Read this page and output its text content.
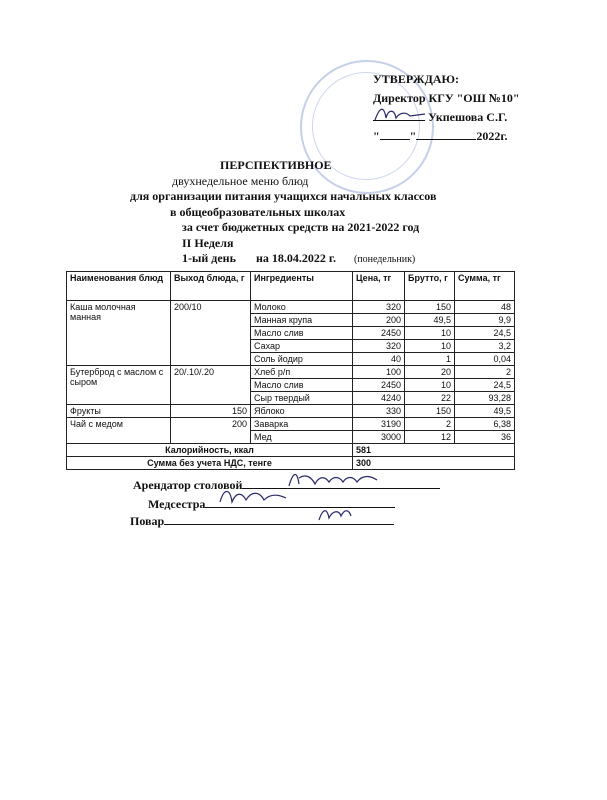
УТВЕРЖДАЮ:
Директор КГУ "ОШ №10"
Укпешова С.Г.
"	"	2022г.
ПЕРСПЕКТИВНОЕ
двухнедельное меню блюд
для организации питания учащихся начальных классов
в общеобразовательных школах
за счет бюджетных средств на 2021-2022 год
II Неделя
1-ый день на 18.04.2022 г. (понедельник)
Наименования блюд	Выход блюда, г	Ингредиенты	Цена, тг	Брутто, г	Сумма, тг
Каша молочная манная	200/10	Молоко	320	150	48
		Манная крупа	200	49,5	9,9
		Масло слив	2450	10	24,5
		Сахар	320	10	3,2
		Соль йодир	40	1	0,04
Бутерброд с маслом с сыром	20/.10/.20	Хлеб р/п	100	20	2
		Масло слив	2450	10	24,5
		Сыр твердый	4240	22	93,28
Фрукты	150	Яблоко	330	150	49,5
Чай с медом	200	Заварка	3190	2	6,38
		Мед	3000	12	36
Калорийность, ккал			581		
Сумма без учета НДС, тенге			300		
Арендатор столовой
Медсестра
Повар
